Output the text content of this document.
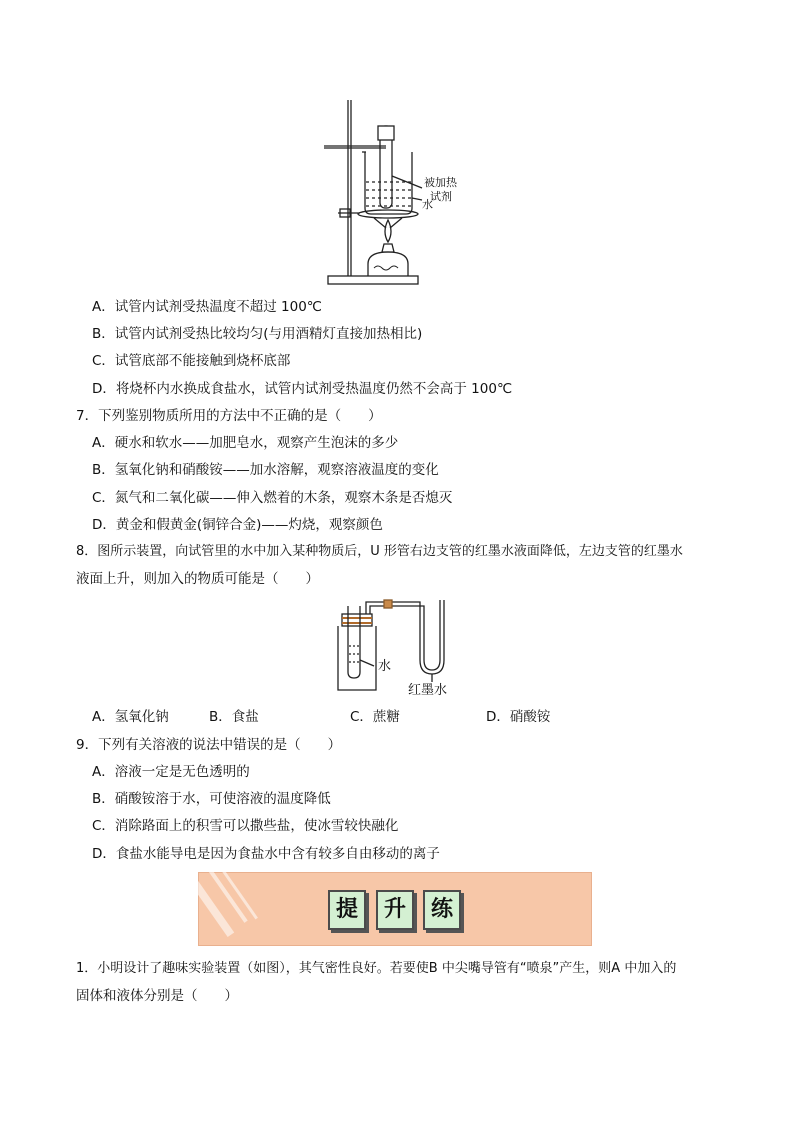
被加热
试剂
水
A．试管内试剂受热温度不超过 100℃
B．试管内试剂受热比较均匀(与用酒精灯直接加热相比)
C．试管底部不能接触到烧杯底部
D．将烧杯内水换成食盐水，试管内试剂受热温度仍然不会高于 100℃
7．下列鉴别物质所用的方法中不正确的是（　　）
A．硬水和软水——加肥皂水，观察产生泡沫的多少
B．氢氧化钠和硝酸铵——加水溶解，观察溶液温度的变化
C．氮气和二氧化碳——伸入燃着的木条，观察木条是否熄灭
D．黄金和假黄金(铜锌合金)——灼烧，观察颜色
8．图所示装置，向试管里的水中加入某种物质后，U 形管右边支管的红墨水液面降低，左边支管的红墨水
液面上升，则加入的物质可能是（　　）
水
红墨水
A．氢氧化钠	B．食盐	C．蔗糖	D．硝酸铵
9．下列有关溶液的说法中错误的是（　　）
A．溶液一定是无色透明的
B．硝酸铵溶于水，可使溶液的温度降低
C．消除路面上的积雪可以撒些盐，使冰雪较快融化
D．食盐水能导电是因为食盐水中含有较多自由移动的离子
提	升	练
1．小明设计了趣味实验装置（如图），其气密性良好。若要使B 中尖嘴导管有“喷泉”产生，则A 中加入的
固体和液体分别是（　　）
